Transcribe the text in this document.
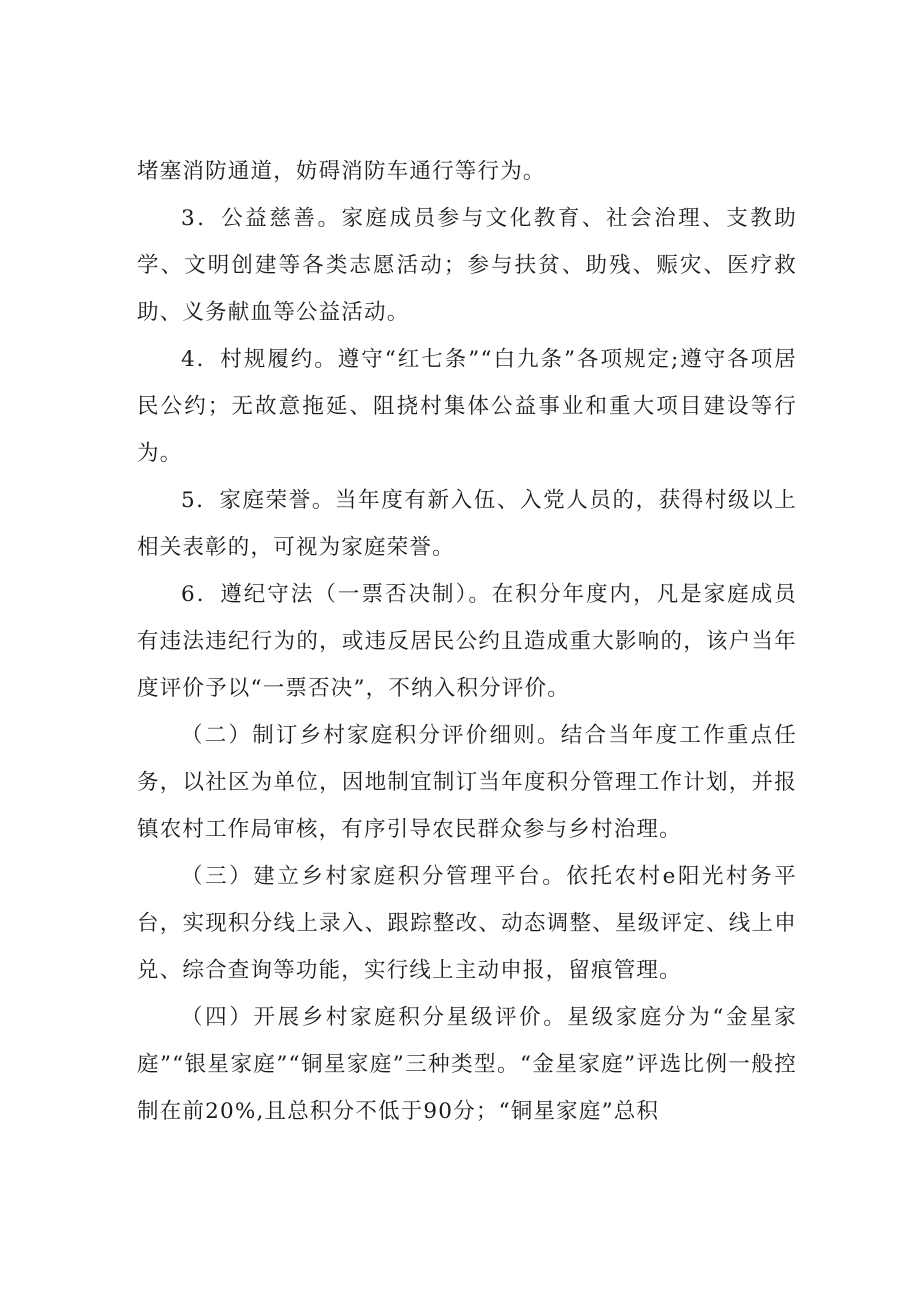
堵塞消防通道，妨碍消防车通行等行为。

3．公益慈善。家庭成员参与文化教育、社会治理、支教助学、文明创建等各类志愿活动；参与扶贫、助残、赈灾、医疗救助、义务献血等公益活动。

4．村规履约。遵守“红七条”“白九条”各项规定;遵守各项居民公约；无故意拖延、阻挠村集体公益事业和重大项目建设等行为。

5．家庭荣誉。当年度有新入伍、入党人员的，获得村级以上相关表彰的，可视为家庭荣誉。

6．遵纪守法（一票否决制）。在积分年度内，凡是家庭成员有违法违纪行为的，或违反居民公约且造成重大影响的，该户当年度评价予以“一票否决”，不纳入积分评价。

（二）制订乡村家庭积分评价细则。结合当年度工作重点任务，以社区为单位，因地制宜制订当年度积分管理工作计划，并报镇农村工作局审核，有序引导农民群众参与乡村治理。

（三）建立乡村家庭积分管理平台。依托农村e阳光村务平台，实现积分线上录入、跟踪整改、动态调整、星级评定、线上申兑、综合查询等功能，实行线上主动申报，留痕管理。

（四）开展乡村家庭积分星级评价。星级家庭分为“金星家庭”“银星家庭”“铜星家庭”三种类型。“金星家庭”评选比例一般控制在前20%,且总积分不低于90分；“铜星家庭”总积
